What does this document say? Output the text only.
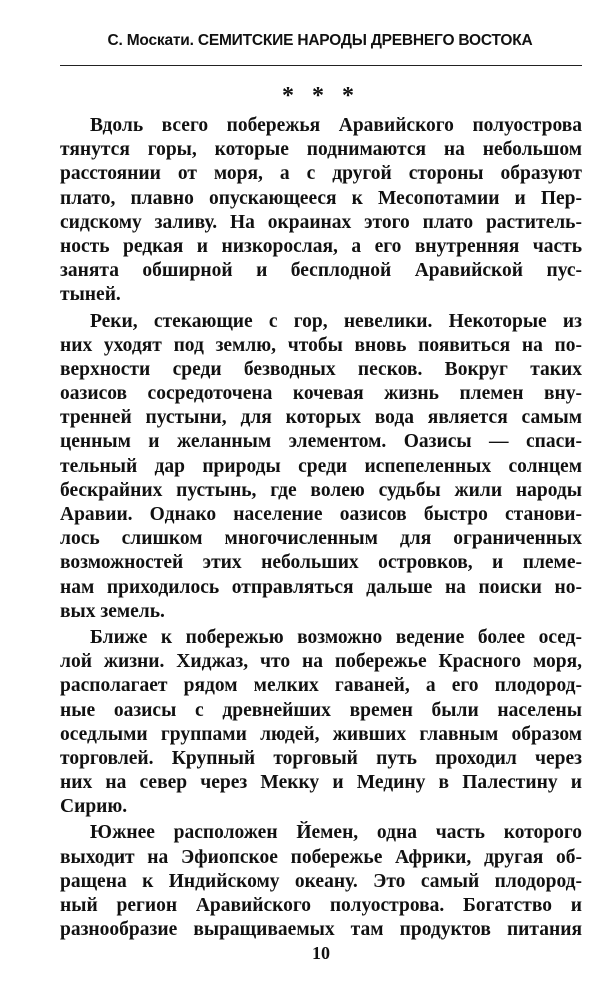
С. Москати. СЕМИТСКИЕ НАРОДЫ ДРЕВНЕГО ВОСТОКА
* * *
Вдоль всего побережья Аравийского полуострова
тянутся горы, которые поднимаются на небольшом
расстоянии от моря, а с другой стороны образуют
плато, плавно опускающееся к Месопотамии и Пер-
сидскому заливу. На окраинах этого плато раститель-
ность редкая и низкорослая, а его внутренняя часть
занята обширной и бесплодной Аравийской пус-
тыней.
Реки, стекающие с гор, невелики. Некоторые из
них уходят под землю, чтобы вновь появиться на по-
верхности среди безводных песков. Вокруг таких
оазисов сосредоточена кочевая жизнь племен вну-
тренней пустыни, для которых вода является самым
ценным и желанным элементом. Оазисы — спаси-
тельный дар природы среди испепеленных солнцем
бескрайних пустынь, где волею судьбы жили народы
Аравии. Однако население оазисов быстро станови-
лось слишком многочисленным для ограниченных
возможностей этих небольших островков, и племе-
нам приходилось отправляться дальше на поиски но-
вых земель.
Ближе к побережью возможно ведение более осед-
лой жизни. Хиджаз, что на побережье Красного моря,
располагает рядом мелких гаваней, а его плодород-
ные оазисы с древнейших времен были населены
оседлыми группами людей, живших главным образом
торговлей. Крупный торговый путь проходил через
них на север через Мекку и Медину в Палестину и
Сирию.
Южнее расположен Йемен, одна часть которого
выходит на Эфиопское побережье Африки, другая об-
ращена к Индийскому океану. Это самый плодород-
ный регион Аравийского полуострова. Богатство и
разнообразие выращиваемых там продуктов питания
10
